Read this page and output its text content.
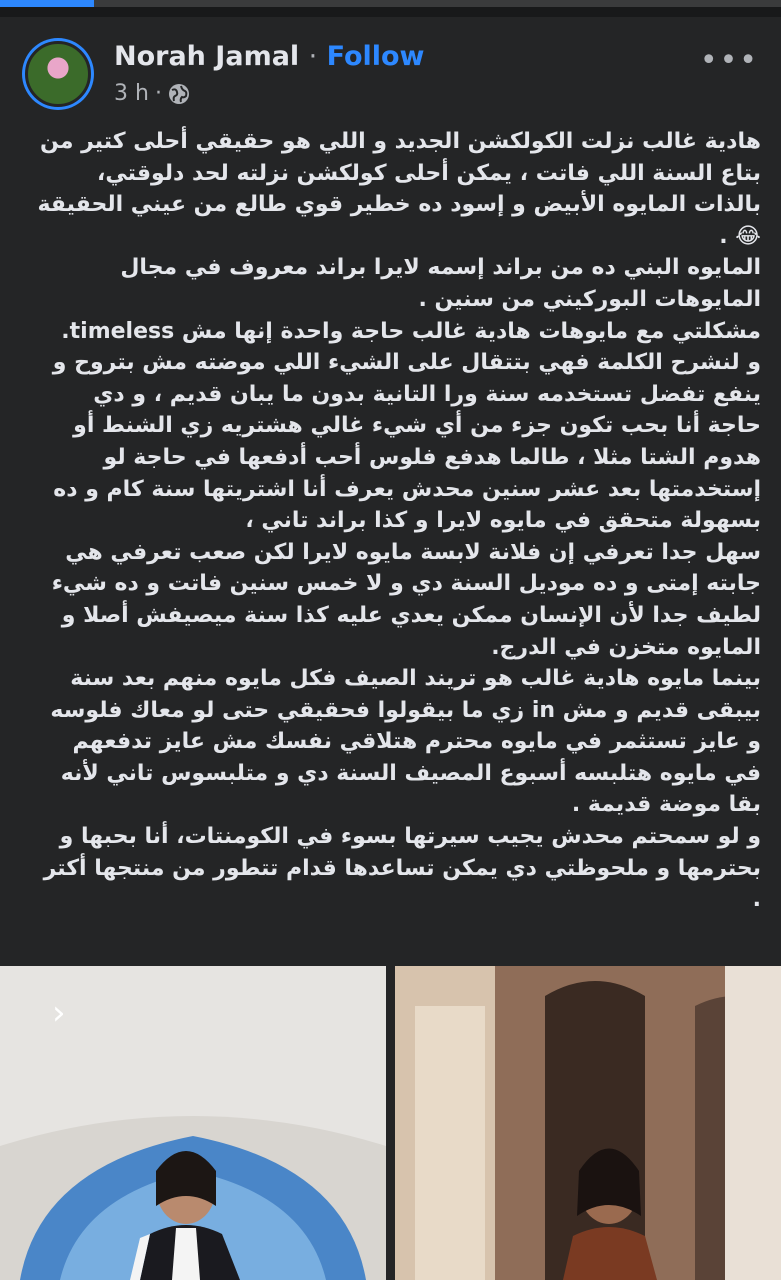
Norah Jamal · Follow
3 h ·
•••

هادية غالب نزلت الكولكشن الجديد و اللي هو حقيقي أحلى كتير من بتاع السنة اللي فاتت ، يمكن أحلى كولكشن نزلته لحد دلوقتي، بالذات المايوه الأبيض و إسود ده خطير قوي طالع من عيني الحقيقة 😂 .

المايوه البني ده من براند إسمه لايرا براند معروف في مجال المايوهات البوركيني من سنين .

مشكلتي مع مايوهات هادية غالب حاجة واحدة إنها مش timeless.

و لنشرح الكلمة فهي بتتقال على الشيء اللي موضته مش بتروح و ينفع تفضل تستخدمه سنة ورا التانية بدون ما يبان قديم ، و دي حاجة أنا بحب تكون جزء من أي شيء غالي هشتريه زي الشنط أو هدوم الشتا مثلا ، طالما هدفع فلوس أحب أدفعها في حاجة لو إستخدمتها بعد عشر سنين محدش يعرف أنا اشتريتها سنة كام و ده بسهولة متحقق في مايوه لايرا و كذا براند تاني ،

سهل جدا تعرفي إن فلانة لابسة مايوه لايرا لكن صعب تعرفي هي جابته إمتى و ده موديل السنة دي و لا خمس سنين فاتت و ده شيء لطيف جدا لأن الإنسان ممكن يعدي عليه كذا سنة ميصيفش أصلا و المايوه متخزن في الدرج.

بينما مايوه هادية غالب هو تريند الصيف فكل مايوه منهم بعد سنة بيبقى قديم و مش in زي ما بيقولوا فحقيقي حتى لو معاك فلوسه و عايز تستثمر في مايوه محترم هتلاقي نفسك مش عايز تدفعهم في مايوه هتلبسه أسبوع المصيف السنة دي و متلبسوس تاني لأنه بقا موضة قديمة .

و لو سمحتم محدش يجيب سيرتها بسوء في الكومنتات، أنا بحبها و بحترمها و ملحوظتي دي يمكن تساعدها قدام تتطور من منتجها أكتر .

›
